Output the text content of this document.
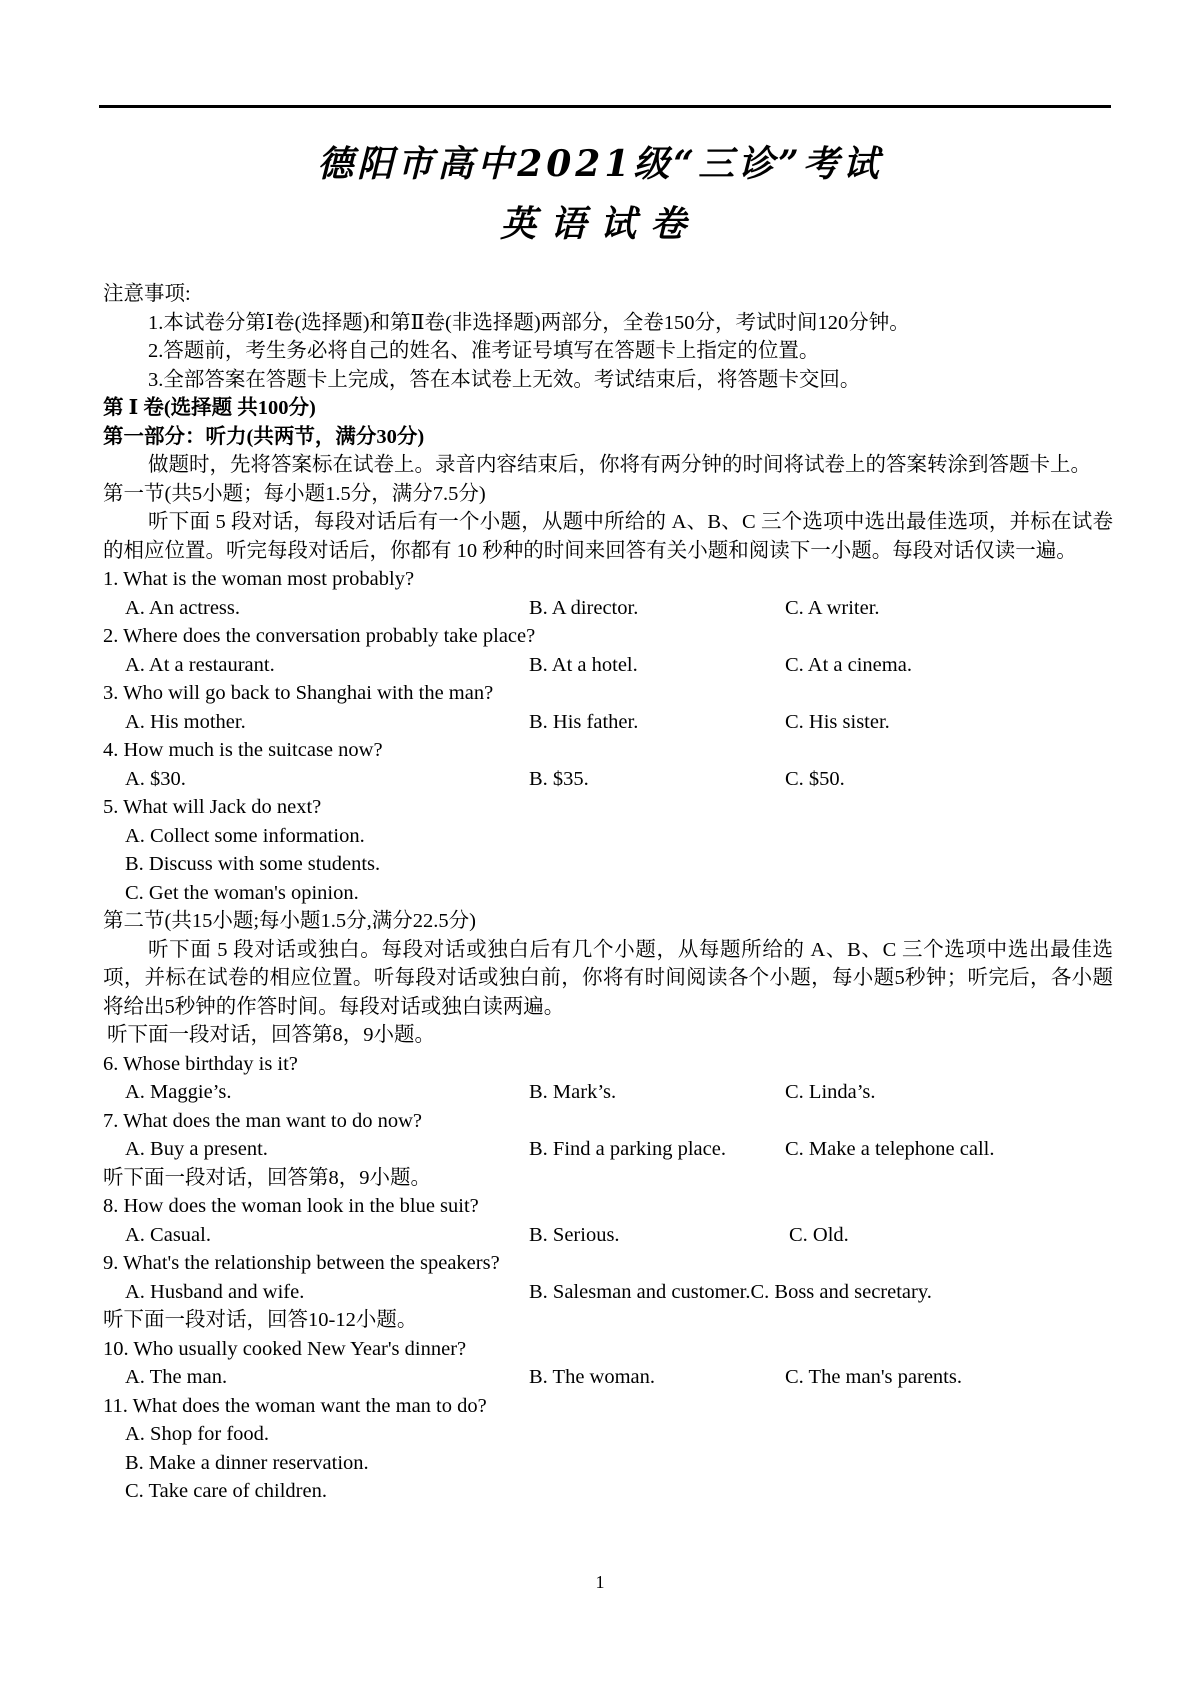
德阳市高中2021级“三诊”考试
英语试卷
注意事项:
1.本试卷分第Ⅰ卷(选择题)和第Ⅱ卷(非选择题)两部分，全卷150分，考试时间120分钟。
2.答题前，考生务必将自己的姓名、准考证号填写在答题卡上指定的位置。
3.全部答案在答题卡上完成，答在本试卷上无效。考试结束后，将答题卡交回。
第 Ⅰ 卷(选择题 共100分)
第一部分：听力(共两节，满分30分)
做题时，先将答案标在试卷上。录音内容结束后，你将有两分钟的时间将试卷上的答案转涂到答题卡上。
第一节(共5小题；每小题1.5分，满分7.5分)
听下面 5 段对话，每段对话后有一个小题，从题中所给的 A、B、C 三个选项中选出最佳选项，并标在试卷的相应位置。听完每段对话后，你都有 10 秒种的时间来回答有关小题和阅读下一小题。每段对话仅读一遍。
1. What is the woman most probably?
A. An actress.	B. A director.	C. A writer.
2. Where does the conversation probably take place?
A. At a restaurant.	B. At a hotel.	C. At a cinema.
3. Who will go back to Shanghai with the man?
A. His mother.	B. His father.	C. His sister.
4. How much is the suitcase now?
A. $30.	B. $35.	C. $50.
5. What will Jack do next?
A. Collect some information.
B. Discuss with some students.
C. Get the woman's opinion.
第二节(共15小题;每小题1.5分,满分22.5分)
听下面 5 段对话或独白。每段对话或独白后有几个小题，从每题所给的 A、B、C 三个选项中选出最佳选项，并标在试卷的相应位置。听每段对话或独白前，你将有时间阅读各个小题，每小题5秒钟；听完后，各小题将给出5秒钟的作答时间。每段对话或独白读两遍。
听下面一段对话，回答第8，9小题。
6. Whose birthday is it?
A. Maggie’s.	B. Mark’s.	C. Linda’s.
7. What does the man want to do now?
A. Buy a present.	B. Find a parking place.	C. Make a telephone call.
听下面一段对话，回答第8，9小题。
8. How does the woman look in the blue suit?
A. Casual.	B. Serious.	C. Old.
9. What's the relationship between the speakers?
A. Husband and wife.	B. Salesman and customer.C. Boss and secretary.
听下面一段对话，回答10-12小题。
10. Who usually cooked New Year's dinner?
A. The man.	B. The woman.	C. The man's parents.
11. What does the woman want the man to do?
A. Shop for food.
B. Make a dinner reservation.
C. Take care of children.
1
